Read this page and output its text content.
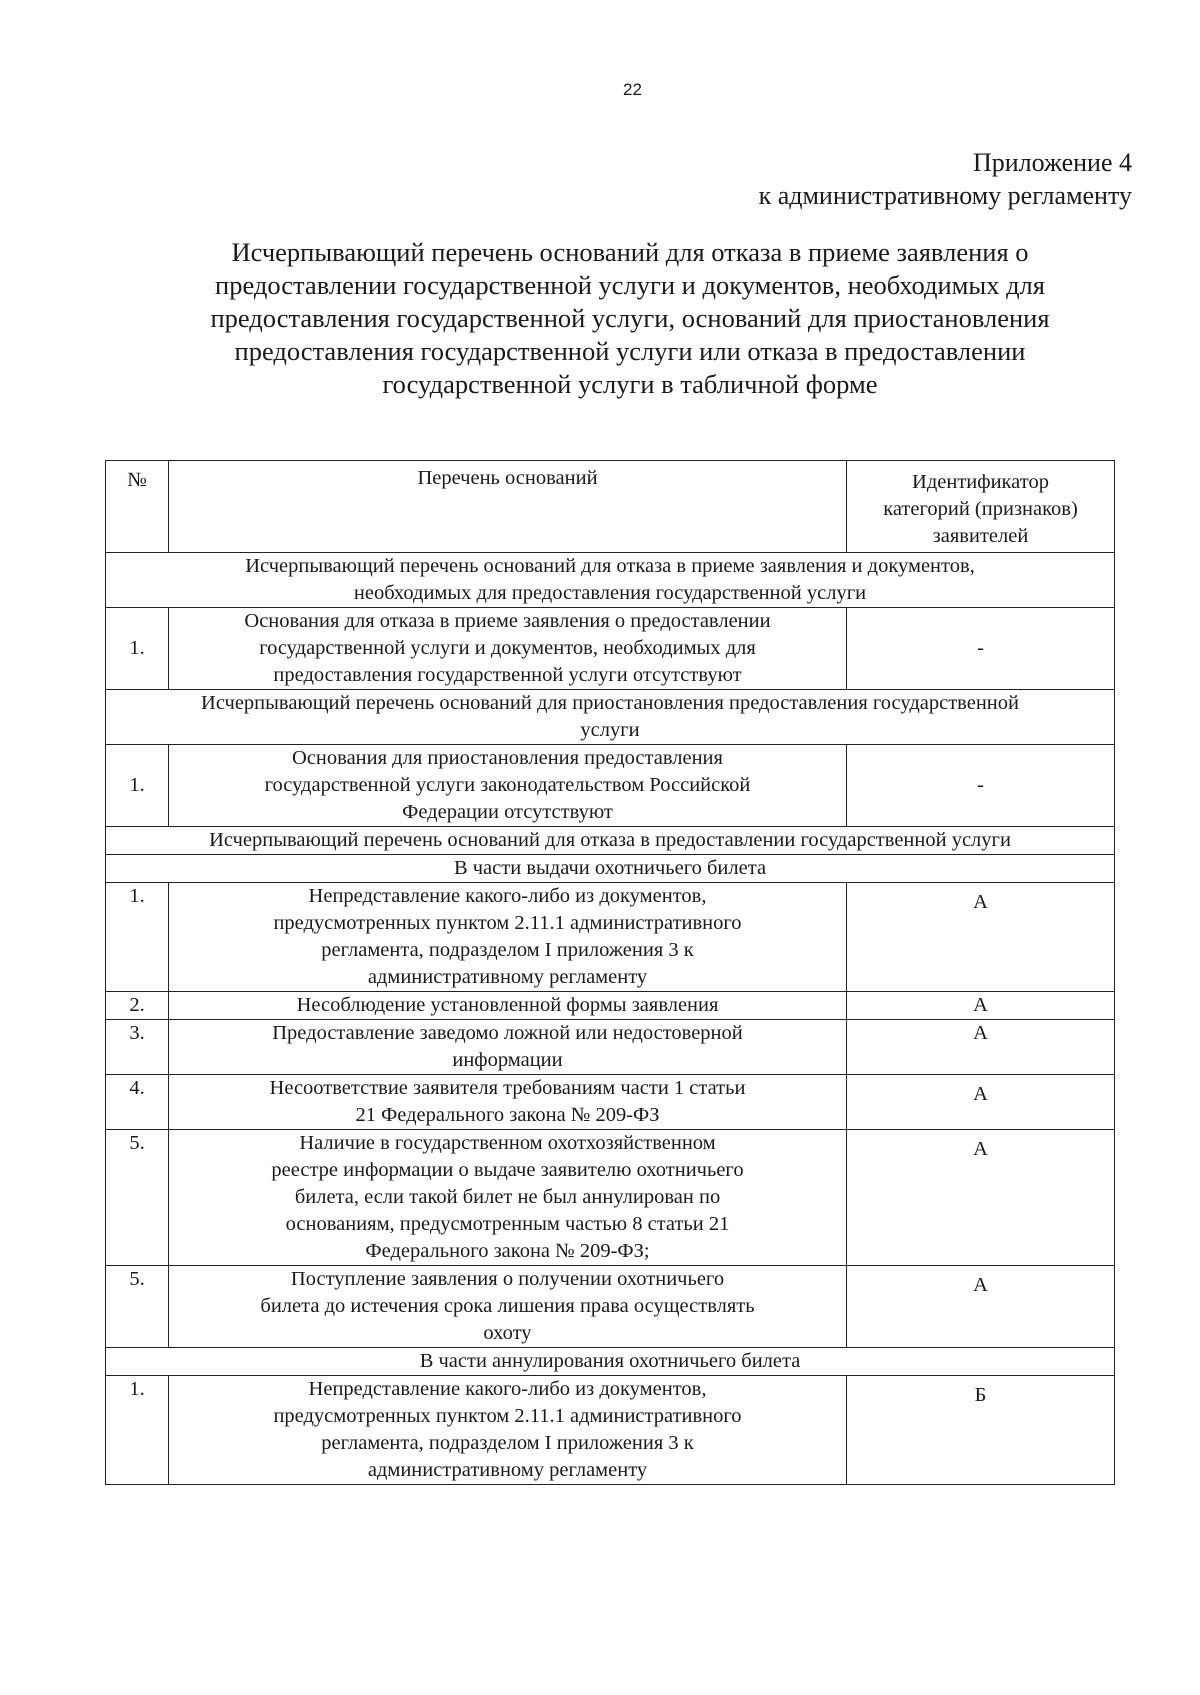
22
Приложение 4
к административному регламенту
Исчерпывающий перечень оснований для отказа в приеме заявления о
предоставлении государственной услуги и документов, необходимых для
предоставления государственной услуги, оснований для приостановления
предоставления государственной услуги или отказа в предоставлении
государственной услуги в табличной форме
№	Перечень оснований	Идентификатор
категорий (признаков)
заявителей

Исчерпывающий перечень оснований для отказа в приеме заявления и документов,
необходимых для предоставления государственной услуги		

1.	Основания для отказа в приеме заявления о предоставлении
государственной услуги и документов, необходимых для
предоставления государственной услуги отсутствуют	-

Исчерпывающий перечень оснований для приостановления предоставления государственной
услуги		

1.	Основания для приостановления предоставления
государственной услуги законодательством Российской
Федерации отсутствуют	-
Исчерпывающий перечень оснований для отказа в предоставлении государственной услуги		
В части выдачи охотничьего билета		
1.	Непредставление какого-либо из документов,
предусмотренных пунктом 2.11.1 административного
регламента, подразделом I приложения 3 к
административному регламенту	А
2.	Несоблюдение установленной формы заявления	А
3.	Предоставление заведомо ложной или недостоверной
информации	А
4.	Несоответствие заявителя требованиям части 1 статьи
21 Федерального закона № 209-ФЗ	А
5.	Наличие в государственном охотхозяйственном
реестре информации о выдаче заявителю охотничьего
билета, если такой билет не был аннулирован по
основаниям, предусмотренным частью 8 статьи 21
Федерального закона № 209-ФЗ;	А
5.	Поступление заявления о получении охотничьего
билета до истечения срока лишения права осуществлять
охоту	А
В части аннулирования охотничьего билета		
1.	Непредставление какого-либо из документов,
предусмотренных пунктом 2.11.1 административного
регламента, подразделом I приложения 3 к
административному регламенту	Б
